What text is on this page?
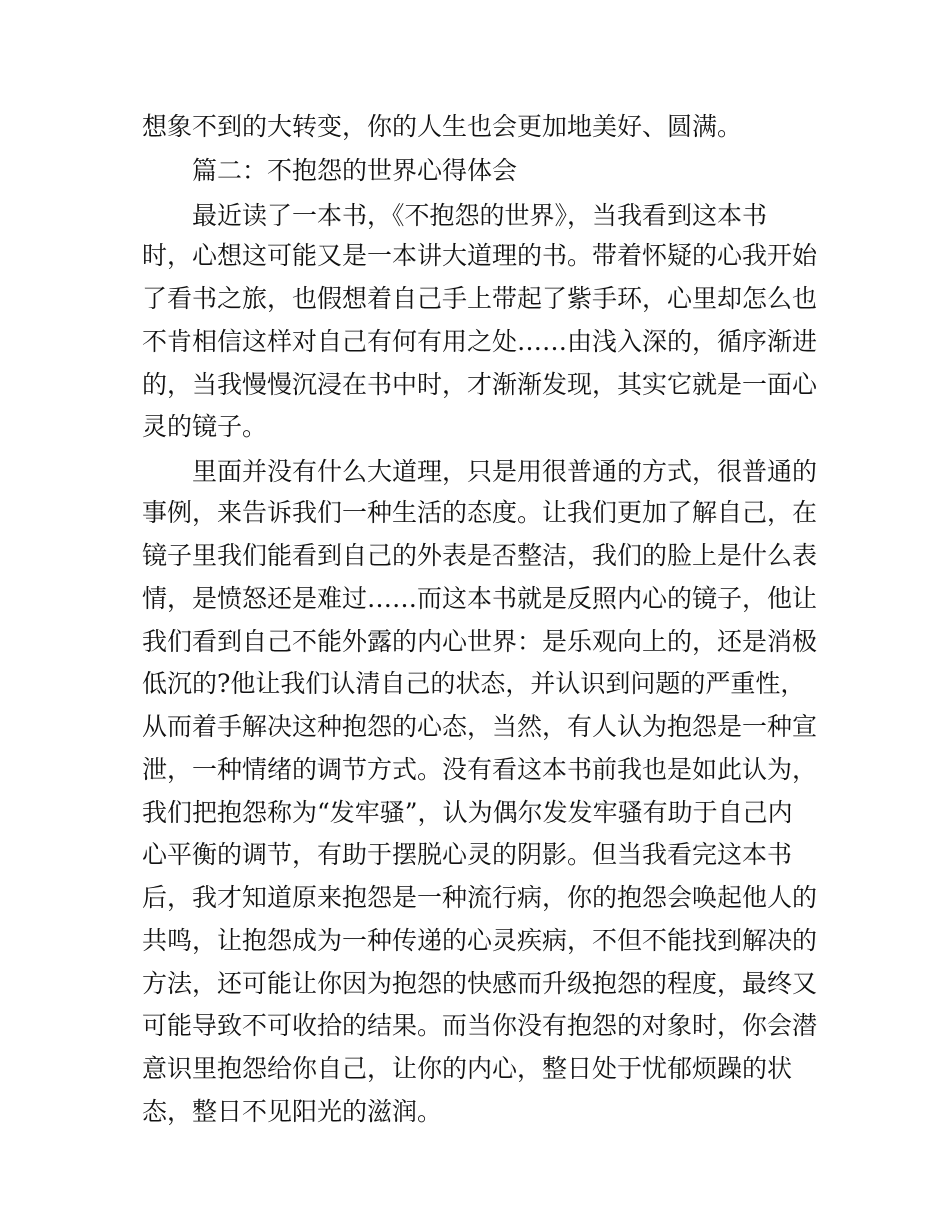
想象不到的大转变，你的人生也会更加地美好、圆满。
篇二：不抱怨的世界心得体会
最近读了一本书，《不抱怨的世界》，当我看到这本书
时，心想这可能又是一本讲大道理的书。带着怀疑的心我开始
了看书之旅，也假想着自己手上带起了紫手环，心里却怎么也
不肯相信这样对自己有何有用之处……由浅入深的，循序渐进
的，当我慢慢沉浸在书中时，才渐渐发现，其实它就是一面心
灵的镜子。
里面并没有什么大道理，只是用很普通的方式，很普通的
事例，来告诉我们一种生活的态度。让我们更加了解自己，在
镜子里我们能看到自己的外表是否整洁，我们的脸上是什么表
情，是愤怒还是难过……而这本书就是反照内心的镜子，他让
我们看到自己不能外露的内心世界：是乐观向上的，还是消极
低沉的?他让我们认清自己的状态，并认识到问题的严重性，
从而着手解决这种抱怨的心态，当然，有人认为抱怨是一种宣
泄，一种情绪的调节方式。没有看这本书前我也是如此认为，
我们把抱怨称为“发牢骚”，认为偶尔发发牢骚有助于自己内
心平衡的调节，有助于摆脱心灵的阴影。但当我看完这本书
后，我才知道原来抱怨是一种流行病，你的抱怨会唤起他人的
共鸣，让抱怨成为一种传递的心灵疾病，不但不能找到解决的
方法，还可能让你因为抱怨的快感而升级抱怨的程度，最终又
可能导致不可收拾的结果。而当你没有抱怨的对象时，你会潜
意识里抱怨给你自己，让你的内心，整日处于忧郁烦躁的状
态，整日不见阳光的滋润。
